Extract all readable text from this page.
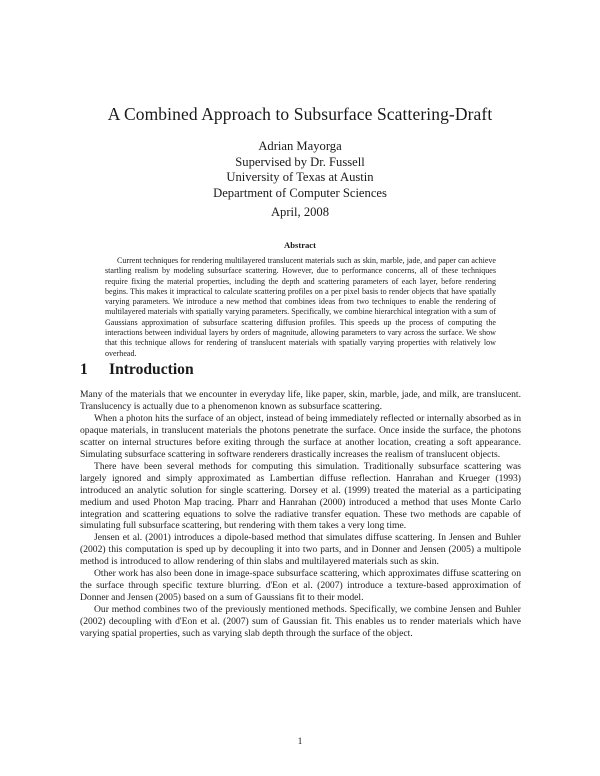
A Combined Approach to Subsurface Scattering-Draft
Adrian Mayorga
Supervised by Dr. Fussell
University of Texas at Austin
Department of Computer Sciences
April, 2008
Abstract
Current techniques for rendering multilayered translucent materials such as skin, marble, jade, and paper can achieve startling realism by modeling subsurface scattering. However, due to performance concerns, all of these techniques require fixing the material properties, including the depth and scattering parameters of each layer, before rendering begins. This makes it impractical to calculate scattering profiles on a per pixel basis to render objects that have spatially varying parameters. We introduce a new method that combines ideas from two techniques to enable the rendering of multilayered materials with spatially varying parameters. Specifically, we combine hierarchical integration with a sum of Gaussians approximation of subsurface scattering diffusion profiles. This speeds up the process of computing the interactions between individual layers by orders of magnitude, allowing parameters to vary across the surface. We show that this technique allows for rendering of translucent materials with spatially varying properties with relatively low overhead.
1 Introduction

Many of the materials that we encounter in everyday life, like paper, skin, marble, jade, and milk, are translucent. Translucency is actually due to a phenomenon known as subsurface scattering.

When a photon hits the surface of an object, instead of being immediately reflected or internally absorbed as in opaque materials, in translucent materials the photons penetrate the surface. Once inside the surface, the photons scatter on internal structures before exiting through the surface at another location, creating a soft appearance. Simulating subsurface scattering in software renderers drastically increases the realism of translucent objects.

There have been several methods for computing this simulation. Traditionally subsurface scattering was largely ignored and simply approximated as Lambertian diffuse reflection. Hanrahan and Krueger (1993) introduced an analytic solution for single scattering. Dorsey et al. (1999) treated the material as a participating medium and used Photon Map tracing. Pharr and Hanrahan (2000) introduced a method that uses Monte Carlo integration and scattering equations to solve the radiative transfer equation. These two methods are capable of simulating full subsurface scattering, but rendering with them takes a very long time.

Jensen et al. (2001) introduces a dipole-based method that simulates diffuse scattering. In Jensen and Buhler (2002) this computation is sped up by decoupling it into two parts, and in Donner and Jensen (2005) a multipole method is introduced to allow rendering of thin slabs and multilayered materials such as skin.

Other work has also been done in image-space subsurface scattering, which approximates diffuse scattering on the surface through specific texture blurring. d'Eon et al. (2007) introduce a texture-based approximation of Donner and Jensen (2005) based on a sum of Gaussians fit to their model.

Our method combines two of the previously mentioned methods. Specifically, we combine Jensen and Buhler (2002) decoupling with d'Eon et al. (2007) sum of Gaussian fit. This enables us to render materials which have varying spatial properties, such as varying slab depth through the surface of the object.

1
